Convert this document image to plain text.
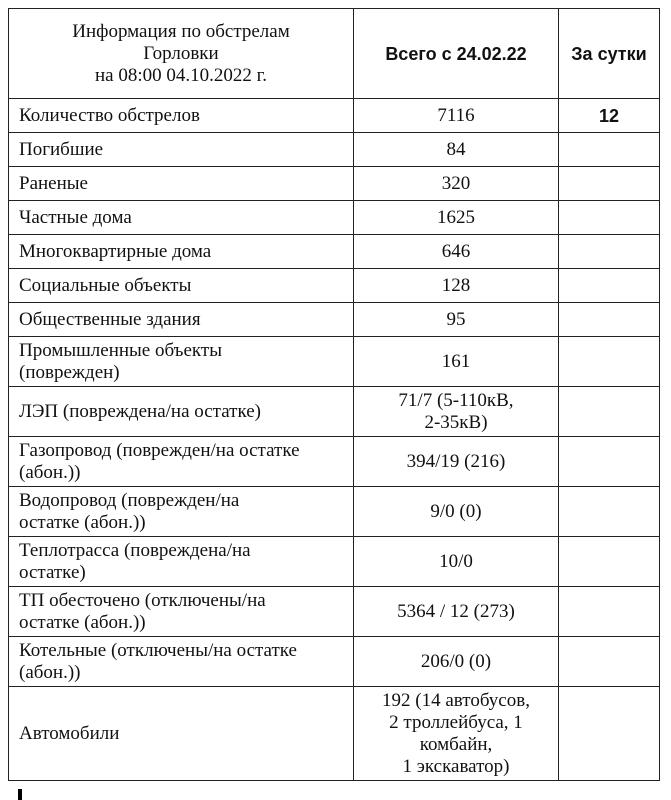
Информация по обстрелам
Горловки
на 08:00 04.10.2022 г.	Всего с 24.02.22	За сутки

Количество обстрелов	7116	12

Погибшие	84	

Раненые	320	

Частные дома	1625	

Многоквартирные дома	646	

Социальные объекты	128	

Общественные здания	95	

Промышленные объекты
(поврежден)	161	

ЛЭП (повреждена/на остатке)	71/7 (5-110кВ,
2-35кВ)	

Газопровод (поврежден/на остатке
(абон.))	394/19 (216)	

Водопровод (поврежден/на
остатке (абон.))	9/0 (0)	

Теплотрасса (повреждена/на
остатке)	10/0	

ТП обесточено (отключены/на
остатке (абон.))	5364 / 12 (273)	

Котельные (отключены/на остатке
(абон.))	206/0 (0)	

Автомобили	192 (14 автобусов,
2 троллейбуса, 1
комбайн,
1 экскаватор)	
